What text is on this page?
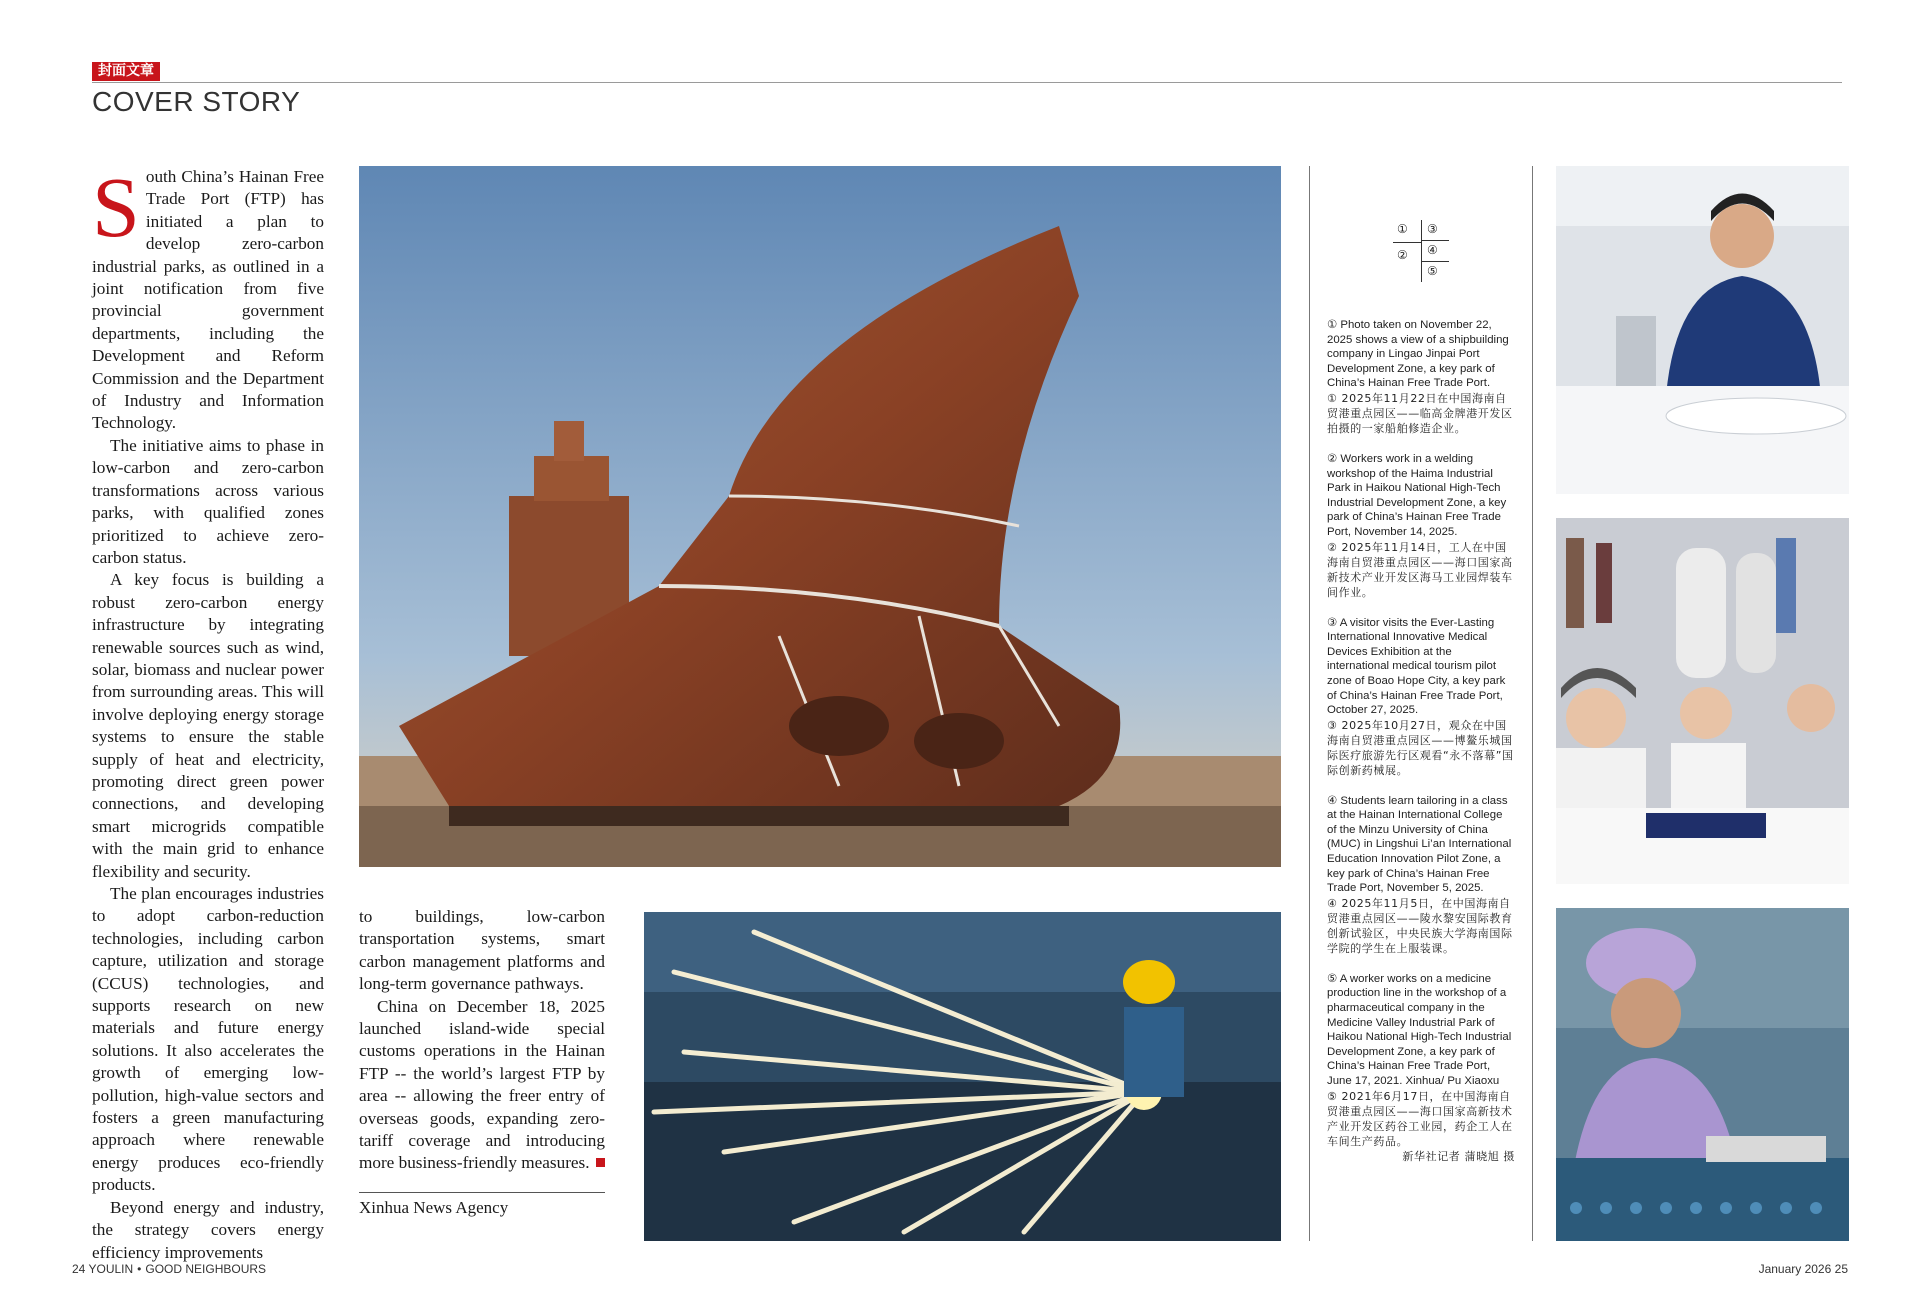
封面文章
COVER STORY

South China’s Hainan Free Trade Port (FTP) has initiated a plan to develop zero-carbon industrial parks, as outlined in a joint notification from five provincial government departments, including the Development and Reform Commission and the Department of Industry and Information Technology.

The initiative aims to phase in low-carbon and zero-carbon transformations across various parks, with qualified zones prioritized to achieve zero-carbon status.

A key focus is building a robust zero-carbon energy infrastructure by integrating renewable sources such as wind, solar, biomass and nuclear power from surrounding areas. This will involve deploying energy storage systems to ensure the stable supply of heat and electricity, promoting direct green power connections, and developing smart microgrids compatible with the main grid to enhance flexibility and security.

The plan encourages industries to adopt carbon-reduction technologies, including carbon capture, utilization and storage (CCUS) technologies, and supports research on new materials and future energy solutions. It also accelerates the growth of emerging low-pollution, high-value sectors and fosters a green manufacturing approach where renewable energy produces eco-friendly products.

Beyond energy and industry, the strategy covers energy efficiency improvements

to buildings, low-carbon transportation systems, smart carbon management platforms and long-term governance pathways.

China on December 18, 2025 launched island-wide special customs operations in the Hainan FTP -- the world’s largest FTP by area -- allowing the freer entry of overseas goods, expanding zero-tariff coverage and introducing more business-friendly measures.

Xinhua News Agency
①
②
③
④
⑤
① Photo taken on November 22, 2025 shows a view of a shipbuilding company in Lingao Jinpai Port Development Zone, a key park of China’s Hainan Free Trade Port.
① 2025年11月22日在中国海南自贸港重点园区——临高金牌港开发区拍摄的一家船舶修造企业。
② Workers work in a welding workshop of the Haima Industrial Park in Haikou National High-Tech Industrial Development Zone, a key park of China’s Hainan Free Trade Port, November 14, 2025.
② 2025年11月14日，工人在中国海南自贸港重点园区——海口国家高新技术产业开发区海马工业园焊装车间作业。
③ A visitor visits the Ever-Lasting International Innovative Medical Devices Exhibition at the international medical tourism pilot zone of Boao Hope City, a key park of China’s Hainan Free Trade Port, October 27, 2025.
③ 2025年10月27日，观众在中国海南自贸港重点园区——博鳌乐城国际医疗旅游先行区观看“永不落幕”国际创新药械展。
④ Students learn tailoring in a class at the Hainan International College of the Minzu University of China (MUC) in Lingshui Li’an International Education Innovation Pilot Zone, a key park of China’s Hainan Free Trade Port, November 5, 2025.
④ 2025年11月5日，在中国海南自贸港重点园区——陵水黎安国际教育创新试验区，中央民族大学海南国际学院的学生在上服装课。
⑤ A worker works on a medicine production line in the workshop of a pharmaceutical company in the Medicine Valley Industrial Park of Haikou National High-Tech Industrial Development Zone, a key park of China’s Hainan Free Trade Port, June 17, 2021. Xinhua/ Pu Xiaoxu
⑤ 2021年6月17日，在中国海南自贸港重点园区——海口国家高新技术产业开发区药谷工业园，药企工人在车间生产药品。
新华社记者 蒲晓旭 摄
24 YOULIN • GOOD NEIGHBOURS	January 2026 25
